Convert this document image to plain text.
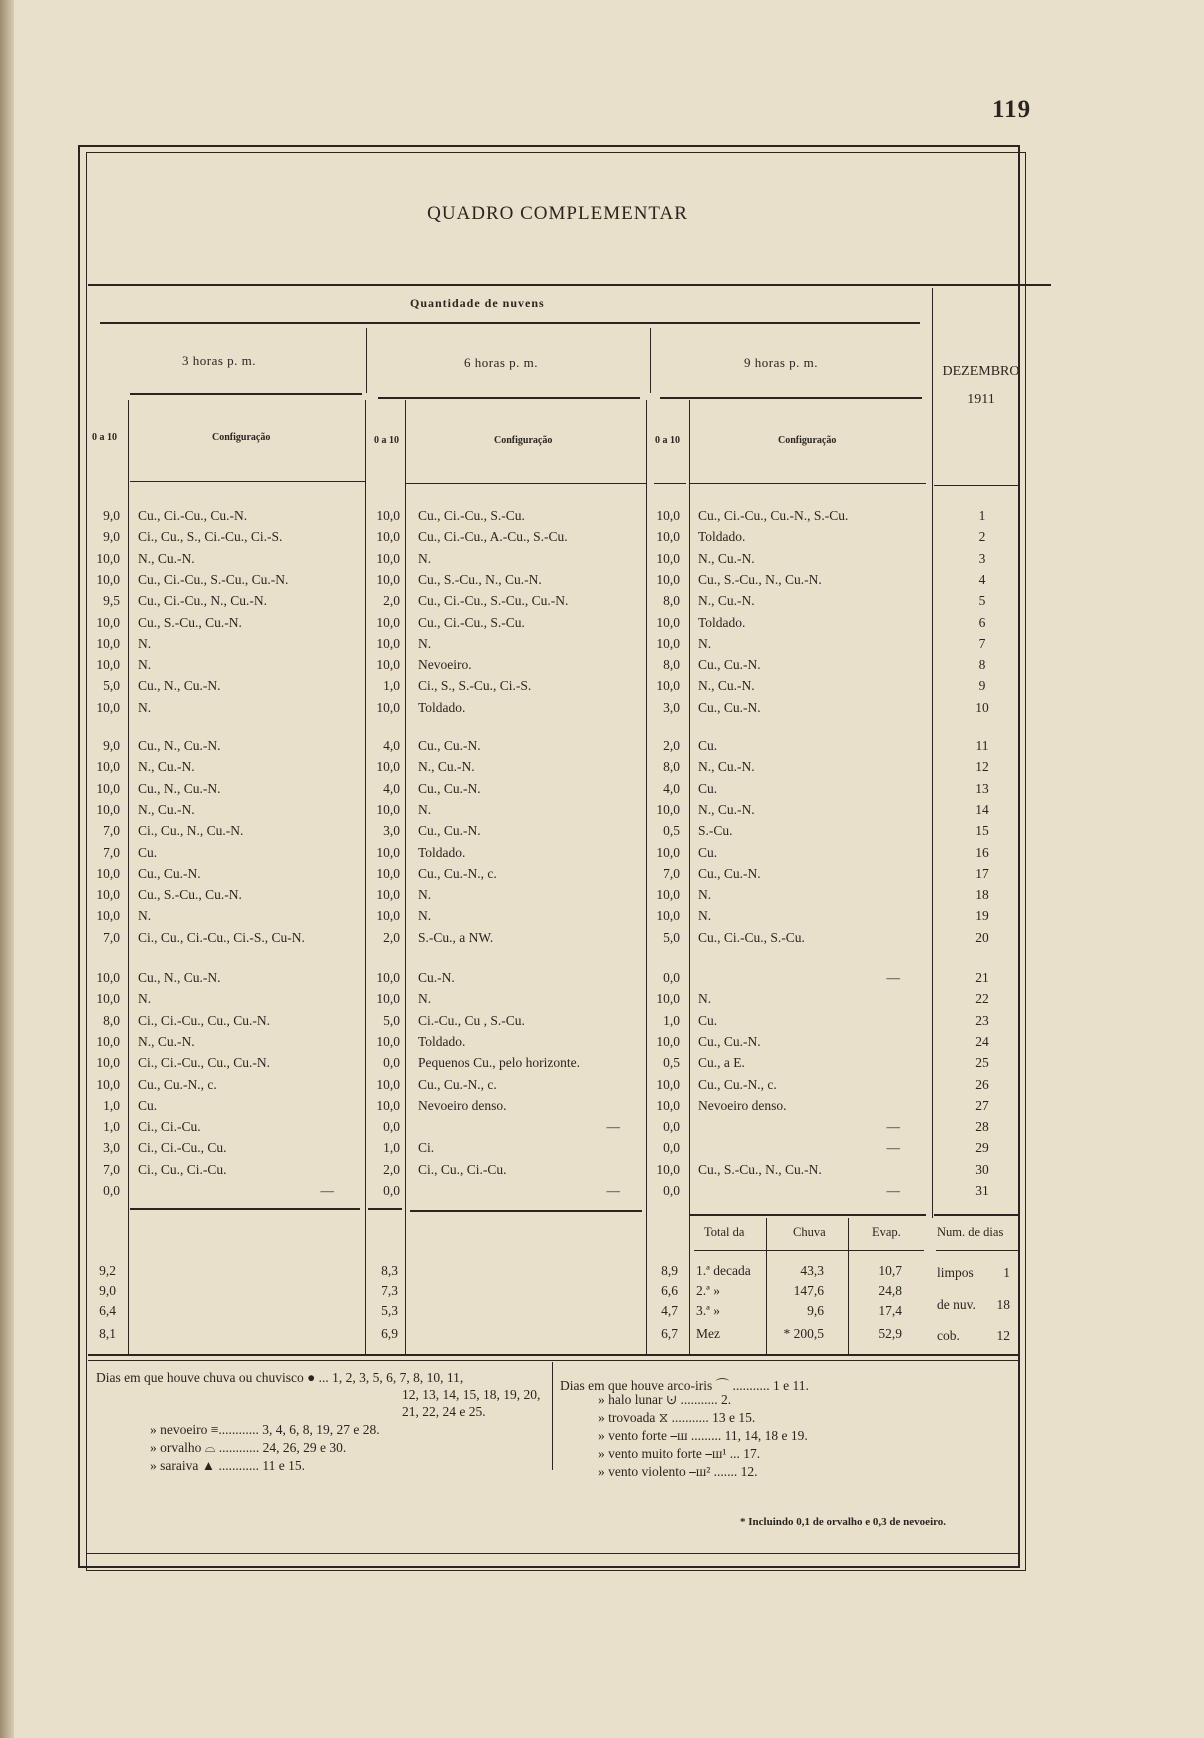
119
QUADRO COMPLEMENTAR
Quantidade de nuvens
3 horas p. m.	6 horas p. m.	9 horas p. m.
DEZEMBRO
1911
0 a 10	Configuração	0 a 10	Configuração	0 a 10	Configuração
9,0 Cu., Ci.-Cu., Cu.-N.	10,0 Cu., Ci.-Cu., S.-Cu.	10,0 Cu., Ci.-Cu., Cu.-N., S.-Cu.	1
9,0 Ci., Cu., S., Ci.-Cu., Ci.-S.	10,0 Cu., Ci.-Cu., A.-Cu., S.-Cu.	10,0 Toldado.	2
10,0 N., Cu.-N.	10,0 N.	10,0 N., Cu.-N.	3
10,0 Cu., Ci.-Cu., S.-Cu., Cu.-N.	10,0 Cu., S.-Cu., N., Cu.-N.	10,0 Cu., S.-Cu., N., Cu.-N.	4
9,5 Cu., Ci.-Cu., N., Cu.-N.	2,0 Cu., Ci.-Cu., S.-Cu., Cu.-N.	8,0 N., Cu.-N.	5
10,0 Cu., S.-Cu., Cu.-N.	10,0 Cu., Ci.-Cu., S.-Cu.	10,0 Toldado.	6
10,0 N.	10,0 N.	10,0 N.	7
10,0 N.	10,0 Nevoeiro.	8,0 Cu., Cu.-N.	8
5,0 Cu., N., Cu.-N.	1,0 Ci., S., S.-Cu., Ci.-S.	10,0 N., Cu.-N.	9
10,0 N.	10,0 Toldado.	3,0 Cu., Cu.-N.	10
9,0 Cu., N., Cu.-N.	4,0 Cu., Cu.-N.	2,0 Cu.	11
10,0 N., Cu.-N.	10,0 N., Cu.-N.	8,0 N., Cu.-N.	12
10,0 Cu., N., Cu.-N.	4,0 Cu., Cu.-N.	4,0 Cu.	13
10,0 N., Cu.-N.	10,0 N.	10,0 N., Cu.-N.	14
7,0 Ci., Cu., N., Cu.-N.	3,0 Cu., Cu.-N.	0,5 S.-Cu.	15
7,0 Cu.	10,0 Toldado.	10,0 Cu.	16
10,0 Cu., Cu.-N.	10,0 Cu., Cu.-N., c.	7,0 Cu., Cu.-N.	17
10,0 Cu., S.-Cu., Cu.-N.	10,0 N.	10,0 N.	18
10,0 N.	10,0 N.	10,0 N.	19
7,0 Ci., Cu., Ci.-Cu., Ci.-S., Cu-N.	2,0 S.-Cu., a NW.	5,0 Cu., Ci.-Cu., S.-Cu.	20
10,0 Cu., N., Cu.-N.	10,0 Cu.-N.	0,0	—	21
10,0 N.	10,0 N.	10,0 N.	22
8,0 Ci., Ci.-Cu., Cu., Cu.-N.	5,0 Ci.-Cu., Cu , S.-Cu.	1,0 Cu.	23
10,0 N., Cu.-N.	10,0 Toldado.	10,0 Cu., Cu.-N.	24
10,0 Ci., Ci.-Cu., Cu., Cu.-N.	0,0 Pequenos Cu., pelo horizonte.	0,5 Cu., a E.	25
10,0 Cu., Cu.-N., c.	10,0 Cu., Cu.-N., c.	10,0 Cu., Cu.-N., c.	26
1,0 Cu.	10,0 Nevoeiro denso.	10,0 Nevoeiro denso.	27
1,0 Ci., Ci.-Cu.	0,0	—	0,0	—	28
3,0 Ci., Ci.-Cu., Cu.	1,0 Ci.	0,0	—	29
7,0 Ci., Cu., Ci.-Cu.	2,0 Ci., Cu., Ci.-Cu.	10,0 Cu., S.-Cu., N., Cu.-N.	30
0,0	—	0,0	—	0,0	—	31
Total da	Chuva	Evap.	Num. de dias
9,2	8,3	8,9 1.ª decada	43,3	10,7
9,0	7,3	6,6 2.ª »	147,6	24,8
6,4	5,3	4,7 3.ª »	9,6	17,4
8,1	6,9	6,7 Mez	* 200,5	52,9
limpos	1
de nuv.	18
cob.	12
Dias em que houve chuva ou chuvisco ● ... 1, 2, 3, 5, 6, 7, 8, 10, 11,
12, 13, 14, 15, 18, 19, 20,
21, 22, 24 e 25.
» nevoeiro ≡............ 3, 4, 6, 8, 19, 27 e 28.
» orvalho ⌓ ............ 24, 26, 29 e 30.
» saraiva ▲ ............ 11 e 15.
Dias em que houve arco-iris ⌒ ........... 1 e 11.
» halo lunar ⊍ ........... 2.
» trovoada ⧖ ........... 13 e 15.
» vento forte ⎯ш ......... 11, 14, 18 e 19.
» vento muito forte ⎯ш¹ ... 17.
» vento violento ⎯ш² ....... 12.
* Incluindo 0,1 de orvalho e 0,3 de nevoeiro.
